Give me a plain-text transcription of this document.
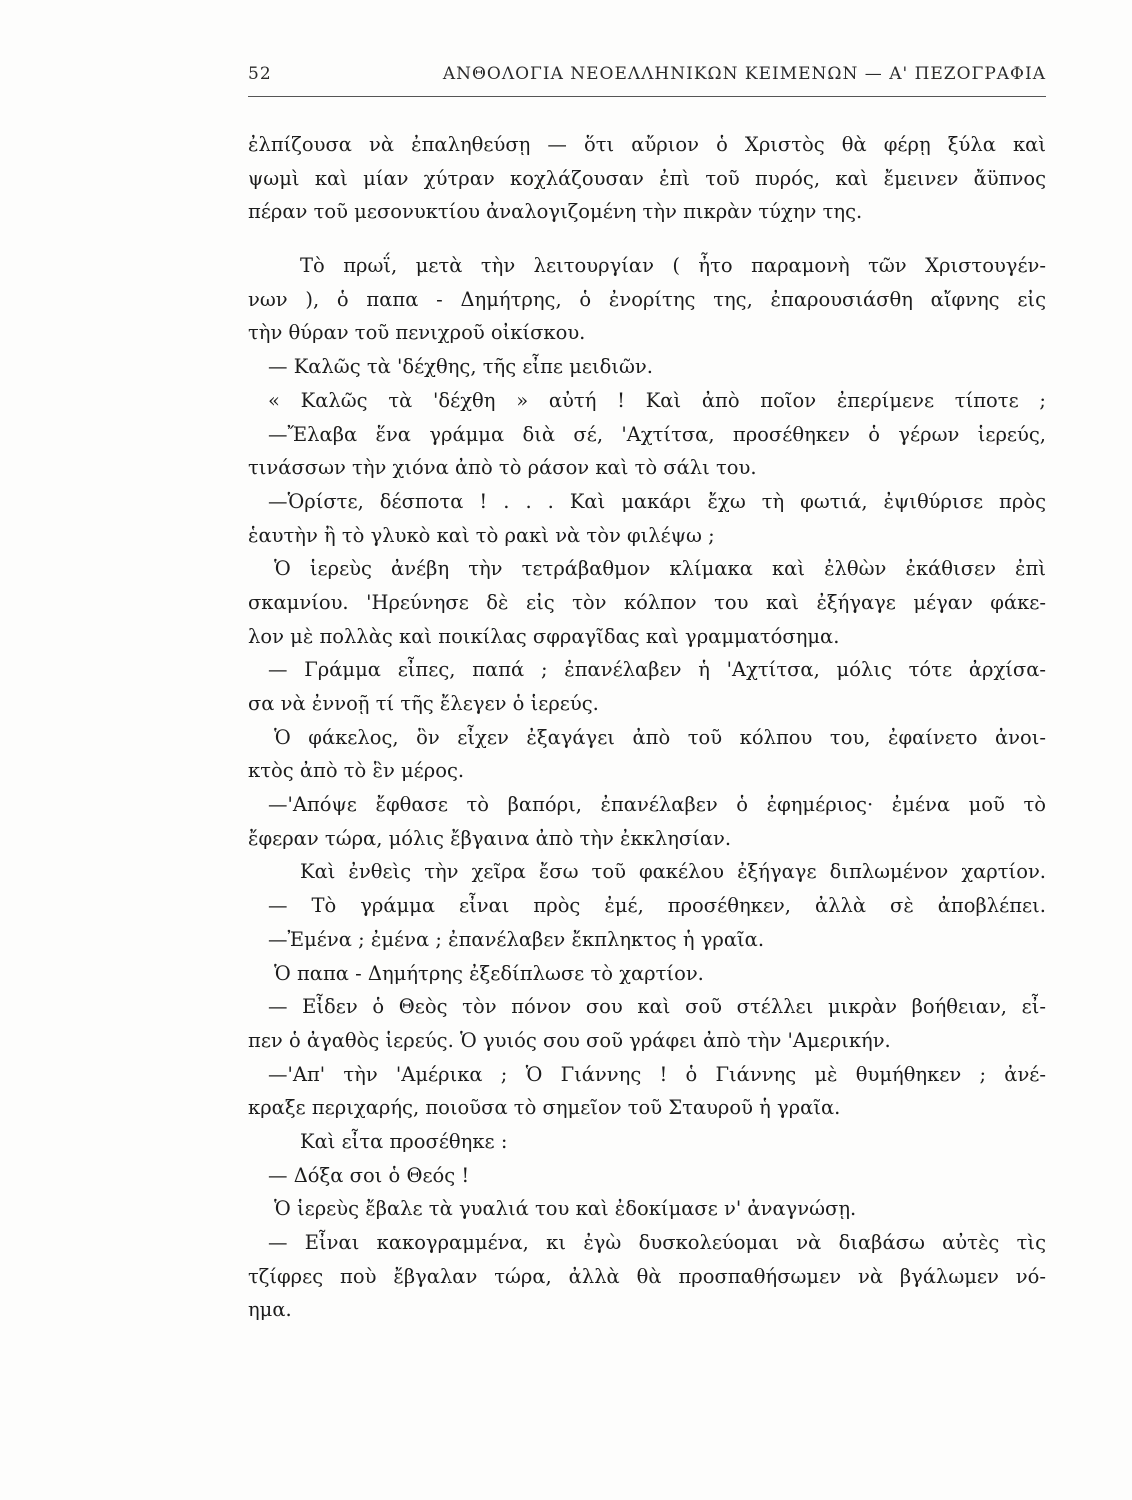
52	ΑΝΘΟΛΟΓΙΑ ΝΕΟΕΛΛΗΝΙΚΩΝ ΚΕΙΜΕΝΩΝ — Α' ΠΕΖΟΓΡΑΦΙΑ
ἐλπίζουσα νὰ ἐπαληθεύσῃ — ὅτι αὔριον ὁ Χριστὸς θὰ φέρῃ ξύλα καὶ
ψωμὶ καὶ μίαν χύτραν κοχλάζουσαν ἐπὶ τοῦ πυρός, καὶ ἔμεινεν ἄϋπνος
πέραν τοῦ μεσονυκτίου ἀναλογιζομένη τὴν πικρὰν τύχην της.
Τὸ πρωΐ, μετὰ τὴν λειτουργίαν ( ἦτο παραμονὴ τῶν Χριστουγέν-
νων ), ὁ παπα - Δημήτρης, ὁ ἐνορίτης της, ἐπαρουσιάσθη αἴφνης εἰς
τὴν θύραν τοῦ πενιχροῦ οἰκίσκου.
— Καλῶς τὰ 'δέχθης, τῆς εἶπε μειδιῶν.
« Καλῶς τὰ 'δέχθη » αὐτή ! Καὶ ἀπὸ ποῖον ἐπερίμενε τίποτε ;
—Ἔλαβα ἕνα γράμμα διὰ σέ, 'Αχτίτσα, προσέθηκεν ὁ γέρων ἱερεύς,
τινάσσων τὴν χιόνα ἀπὸ τὸ ράσον καὶ τὸ σάλι του.
—Ὁρίστε, δέσποτα ! . . . Καὶ μακάρι ἔχω τὴ φωτιά, ἐψιθύρισε πρὸς
ἑαυτὴν ἢ τὸ γλυκὸ καὶ τὸ ρακὶ νὰ τὸν φιλέψω ;
Ὁ ἱερεὺς ἀνέβη τὴν τετράβαθμον κλίμακα καὶ ἐλθὼν ἐκάθισεν ἐπὶ
σκαμνίου. 'Ηρεύνησε δὲ εἰς τὸν κόλπον του καὶ ἐξήγαγε μέγαν φάκε-
λον μὲ πολλὰς καὶ ποικίλας σφραγῖδας καὶ γραμματόσημα.
— Γράμμα εἶπες, παπά ; ἐπανέλαβεν ἡ 'Αχτίτσα, μόλις τότε ἀρχίσα-
σα νὰ ἐννοῇ τί τῆς ἔλεγεν ὁ ἱερεύς.
Ὁ φάκελος, ὃν εἶχεν ἐξαγάγει ἀπὸ τοῦ κόλπου του, ἐφαίνετο ἀνοι-
κτὸς ἀπὸ τὸ ἓν μέρος.
—'Απόψε ἔφθασε τὸ βαπόρι, ἐπανέλαβεν ὁ ἐφημέριος· ἐμένα μοῦ τὸ
ἔφεραν τώρα, μόλις ἔβγαινα ἀπὸ τὴν ἐκκλησίαν.
Καὶ ἐνθεὶς τὴν χεῖρα ἔσω τοῦ φακέλου ἐξήγαγε διπλωμένον χαρτίον.
— Τὸ γράμμα εἶναι πρὸς ἐμέ, προσέθηκεν, ἀλλὰ σὲ ἀποβλέπει.
—Ἐμένα ; ἐμένα ; ἐπανέλαβεν ἔκπληκτος ἡ γραῖα.
Ὁ παπα - Δημήτρης ἐξεδίπλωσε τὸ χαρτίον.
— Εἶδεν ὁ Θεὸς τὸν πόνον σου καὶ σοῦ στέλλει μικρὰν βοήθειαν, εἶ-
πεν ὁ ἀγαθὸς ἱερεύς. Ὁ γυιός σου σοῦ γράφει ἀπὸ τὴν 'Αμερικήν.
—'Απ' τὴν 'Αμέρικα ; Ὁ Γιάννης ! ὁ Γιάννης μὲ θυμήθηκεν ; ἀνέ-
κραξε περιχαρής, ποιοῦσα τὸ σημεῖον τοῦ Σταυροῦ ἡ γραῖα.
Καὶ εἶτα προσέθηκε :
— Δόξα σοι ὁ Θεός !
Ὁ ἱερεὺς ἔβαλε τὰ γυαλιά του καὶ ἐδοκίμασε ν' ἀναγνώσῃ.
— Εἶναι κακογραμμένα, κι ἐγὼ δυσκολεύομαι νὰ διαβάσω αὐτὲς τὶς
τζίφρες ποὺ ἔβγαλαν τώρα, ἀλλὰ θὰ προσπαθήσωμεν νὰ βγάλωμεν νό-
ημα.
